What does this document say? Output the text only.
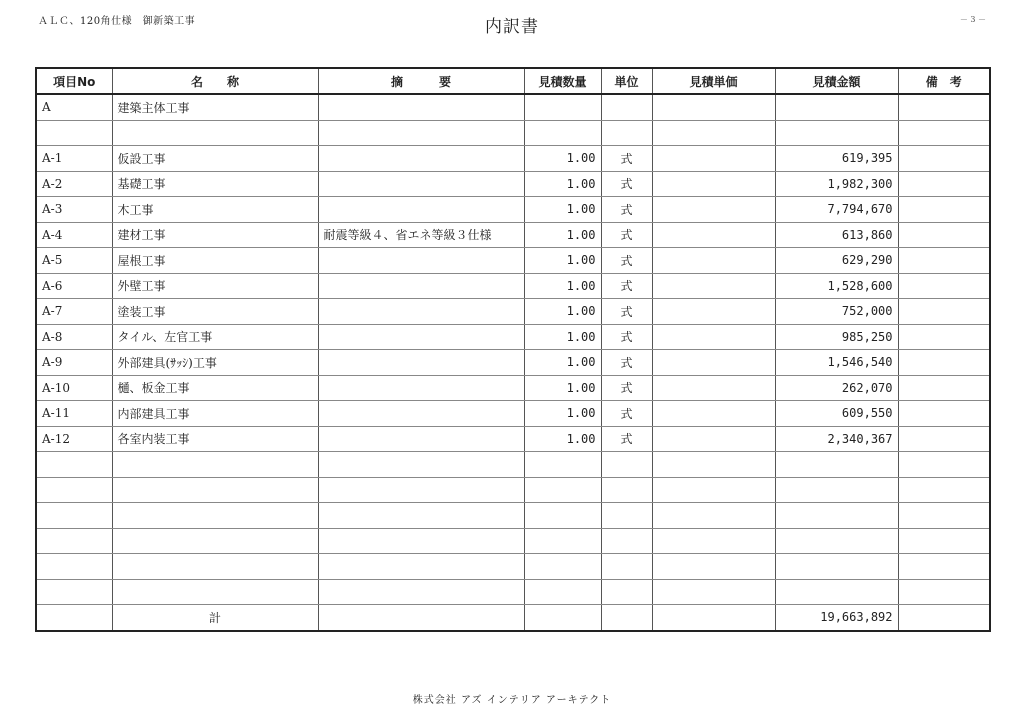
ＡＬＣ、120角仕様　御新築工事	内訳書	－ 3 －
項目No	名　　称	摘　　　要	見積数量	単位	見積単価	見積金額	備　考
A	建築主体工事						

A-1	仮設工事		1.00	式		619,395	
A-2	基礎工事		1.00	式		1,982,300	
A-3	木工事		1.00	式		7,794,670	
A-4	建材工事	耐震等級４、省エネ等級３仕様	1.00	式		613,860	
A-5	屋根工事		1.00	式		629,290	
A-6	外壁工事		1.00	式		1,528,600	
A-7	塗装工事		1.00	式		752,000	
A-8	タイル、左官工事		1.00	式		985,250	
A-9	外部建具(ｻｯｼ)工事		1.00	式		1,546,540	
A-10	樋、板金工事		1.00	式		262,070	
A-11	内部建具工事		1.00	式		609,550	
A-12	各室内装工事		1.00	式		2,340,367	

	計					19,663,892	
株式会社 アズ インテリア アーキテクト
